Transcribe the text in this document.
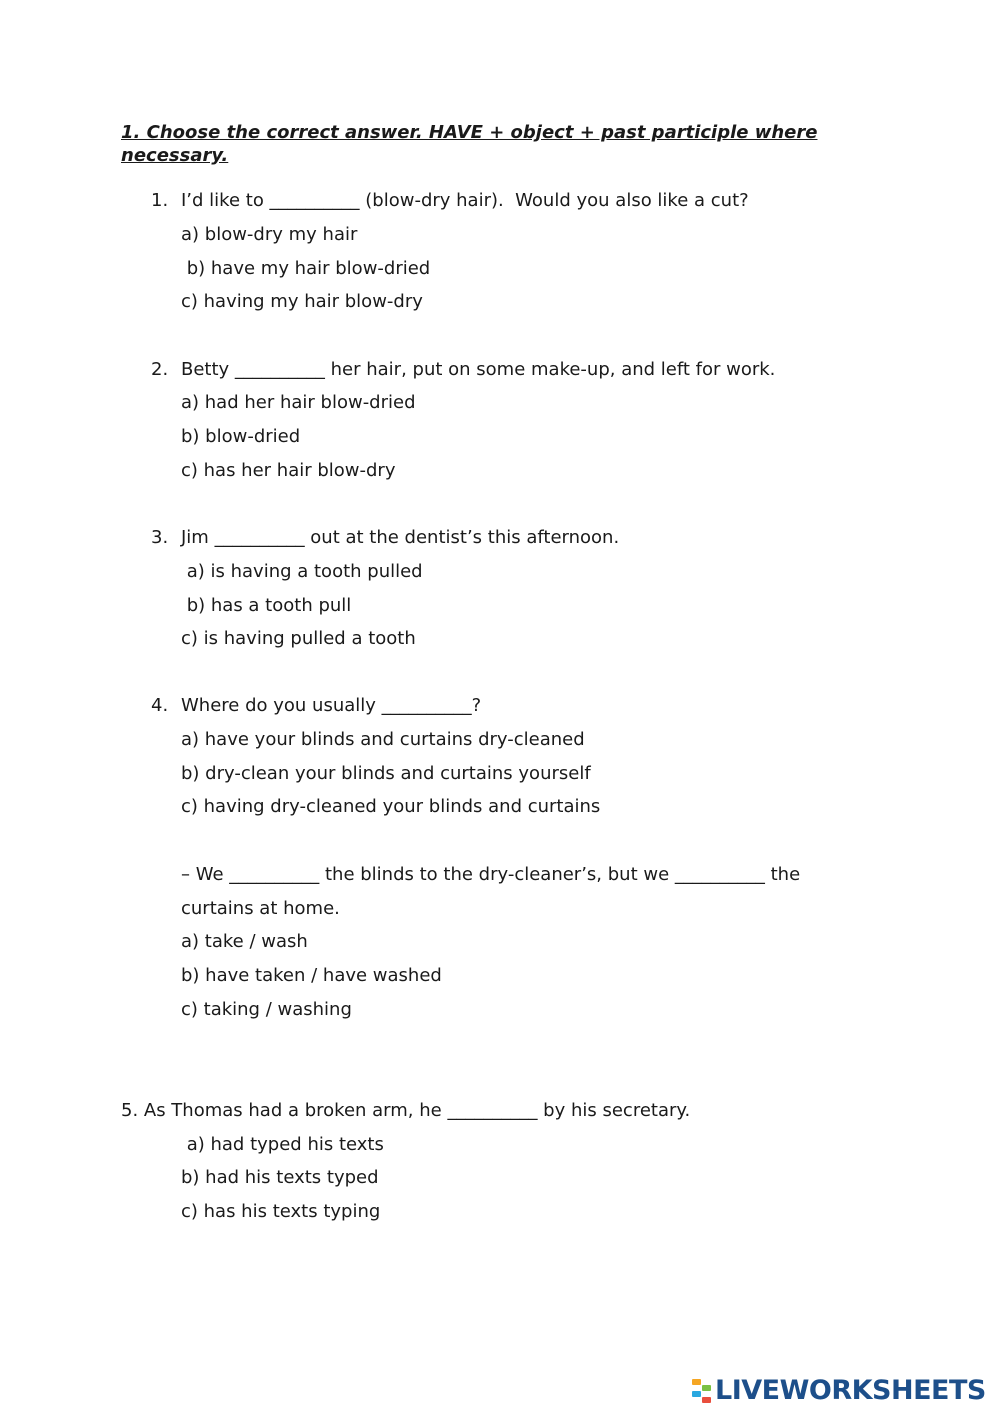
1. Choose the correct answer. HAVE + object + past participle where necessary.

1. I’d like to __________ (blow-dry hair).  Would you also like a cut?
a) blow-dry my hair
b) have my hair blow-dried
c) having my hair blow-dry
2. Betty __________ her hair, put on some make-up, and left for work.
a) had her hair blow-dried
b) blow-dried
c) has her hair blow-dry
3. Jim __________ out at the dentist’s this afternoon.
a) is having a tooth pulled
b) has a tooth pull
c) is having pulled a tooth
4. Where do you usually __________?
a) have your blinds and curtains dry-cleaned
b) dry-clean your blinds and curtains yourself
c) having dry-cleaned your blinds and curtains
– We __________ the blinds to the dry-cleaner’s, but we __________ the
curtains at home.
a) take / wash
b) have taken / have washed
c) taking / washing
5. As Thomas had a broken arm, he __________ by his secretary.
a) had typed his texts
b) had his texts typed
c) has his texts typing
LIVEWORKSHEETS
